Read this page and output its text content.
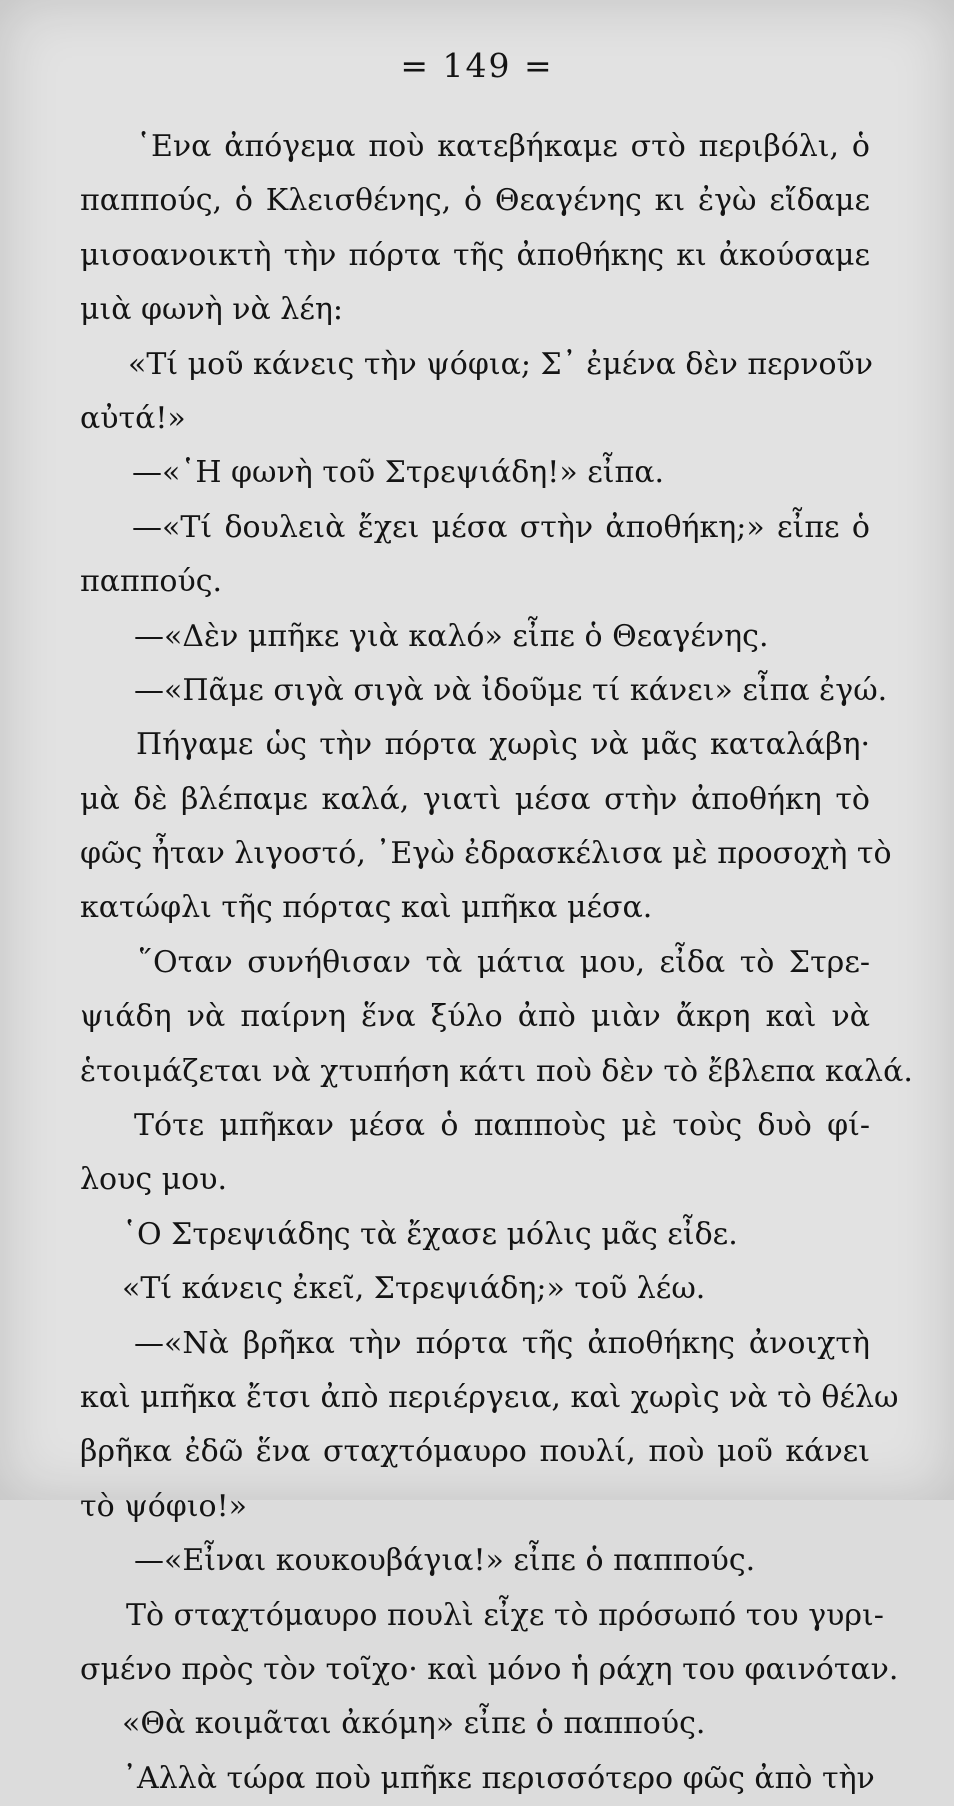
= 149 =
῾Ενα ἀπόγεμα ποὺ κατεβήκαμε στὸ περιβόλι, ὁ
παππούς, ὁ Κλεισθένης, ὁ Θεαγένης κι ἐγὼ εἴδαμε
μισοανοικτὴ τὴν πόρτα τῆς ἀποθήκης κι ἀκούσαμε
μιὰ φωνὴ νὰ λέη:
«Τί μοῦ κάνεις τὴν ψόφια; Σ᾽ ἐμένα δὲν περνοῦν
αὐτά!»
—«῾Η φωνὴ τοῦ Στρεψιάδη!» εἶπα.
—«Τί δουλειὰ ἔχει μέσα στὴν ἀποθήκη;» εἶπε ὁ
παππούς.
—«Δὲν μπῆκε γιὰ καλό» εἶπε ὁ Θεαγένης.
—«Πᾶμε σιγὰ σιγὰ νὰ ἰδοῦμε τί κάνει» εἶπα ἐγώ.
Πήγαμε ὡς τὴν πόρτα χωρὶς νὰ μᾶς καταλάβη·
μὰ δὲ βλέπαμε καλά, γιατὶ μέσα στὴν ἀποθήκη τὸ
φῶς ἦταν λιγοστό, ᾽Εγὼ ἐδρασκέλισα μὲ προσοχὴ τὸ
κατώφλι τῆς πόρτας καὶ μπῆκα μέσα.
῞Οταν συνήθισαν τὰ μάτια μου, εἶδα τὸ Στρε-
ψιάδη νὰ παίρνη ἕνα ξύλο ἀπὸ μιὰν ἄκρη καὶ νὰ
ἑτοιμάζεται νὰ χτυπήση κάτι ποὺ δὲν τὸ ἔβλεπα καλά.
Τότε μπῆκαν μέσα ὁ παπποὺς μὲ τοὺς δυὸ φί-
λους μου.
῾Ο Στρεψιάδης τὰ ἔχασε μόλις μᾶς εἶδε.
«Τί κάνεις ἐκεῖ, Στρεψιάδη;» τοῦ λέω.
—«Νὰ βρῆκα τὴν πόρτα τῆς ἀποθήκης ἀνοιχτὴ
καὶ μπῆκα ἔτσι ἀπὸ περιέργεια, καὶ χωρὶς νὰ τὸ θέλω
βρῆκα ἐδῶ ἕνα σταχτόμαυρο πουλί, ποὺ μοῦ κάνει
τὸ ψόφιο!»
—«Εἶναι κουκουβάγια!» εἶπε ὁ παππούς.
Τὸ σταχτόμαυρο πουλὶ εἶχε τὸ πρόσωπό του γυρι-
σμένο πρὸς τὸν τοῖχο· καὶ μόνο ἡ ράχη του φαινόταν.
«Θὰ κοιμᾶται ἀκόμη» εἶπε ὁ παππούς.
᾽Αλλὰ τώρα ποὺ μπῆκε περισσότερο φῶς ἀπὸ τὴν
